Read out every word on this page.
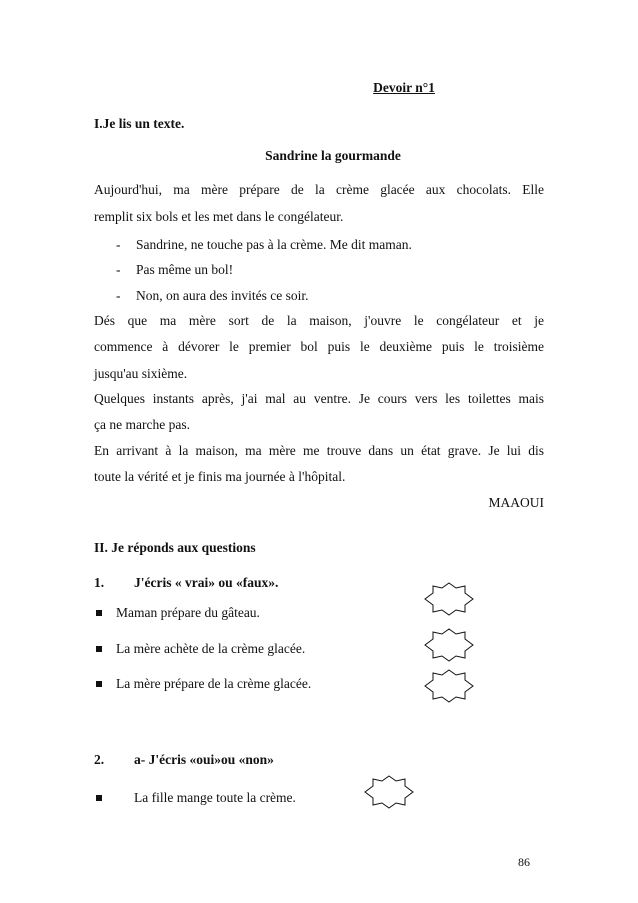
Devoir n°1
I.Je lis un texte.
Sandrine la gourmande
Aujourd'hui, ma mère prépare de la crème glacée aux chocolats. Elle
remplit six bols et les met dans le congélateur.
- Sandrine, ne touche pas à la crème. Me dit maman.
- Pas même un bol!
- Non, on aura des invités ce soir.
Dés que ma mère sort de la maison, j'ouvre le congélateur et je
commence à dévorer le premier bol puis le deuxième puis le troisième
jusqu'au sixième.
Quelques instants après, j'ai mal au ventre. Je cours vers les toilettes mais
ça ne marche pas.
En arrivant à la maison, ma mère me trouve dans un état grave. Je lui dis
toute la vérité et je finis ma journée à l'hôpital.
MAAOUI
II. Je réponds aux questions
1. J'écris « vrai» ou «faux».
Maman prépare du gâteau.
La mère achète de la crème glacée.
La mère prépare de la crème glacée.
2. a- J'écris «oui»ou «non»
La fille mange toute la crème.
86
